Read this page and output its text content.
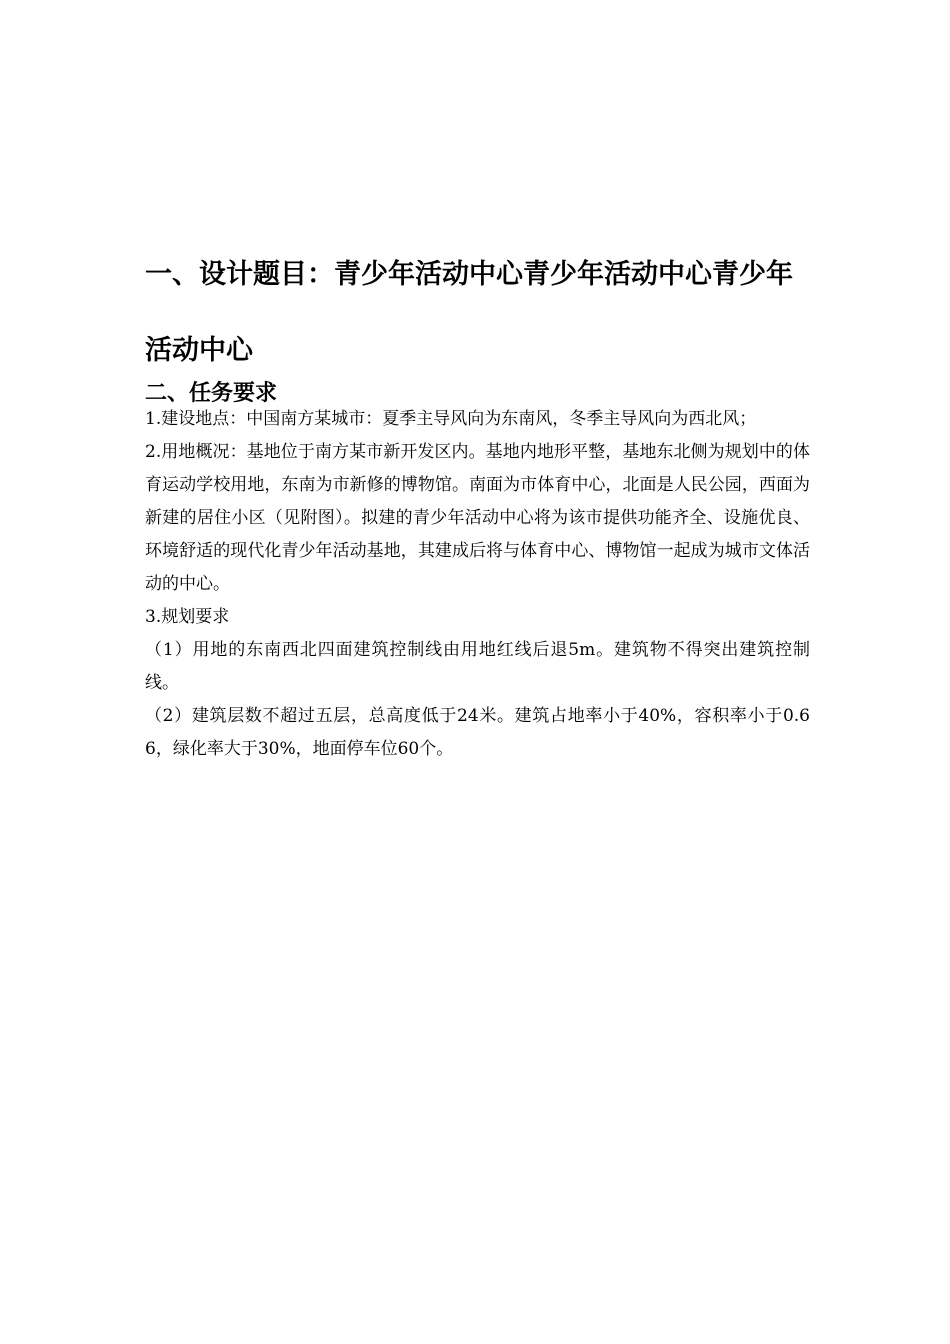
一、设计题目：青少年活动中心青少年活动中心青少年
活动中心
二、任务要求

1.建设地点：中国南方某城市：夏季主导风向为东南风，冬季主导风向为西北风；

2.用地概况：基地位于南方某市新开发区内。基地内地形平整，基地东北侧为规划中的体育运动学校用地，东南为市新修的博物馆。南面为市体育中心，北面是人民公园，西面为新建的居住小区（见附图）。拟建的青少年活动中心将为该市提供功能齐全、设施优良、环境舒适的现代化青少年活动基地，其建成后将与体育中心、博物馆一起成为城市文体活动的中心。

3.规划要求

（1）用地的东南西北四面建筑控制线由用地红线后退5m。建筑物不得突出建筑控制线。

（2）建筑层数不超过五层，总高度低于24米。建筑占地率小于40%，容积率小于0.66，绿化率大于30%，地面停车位60个。
